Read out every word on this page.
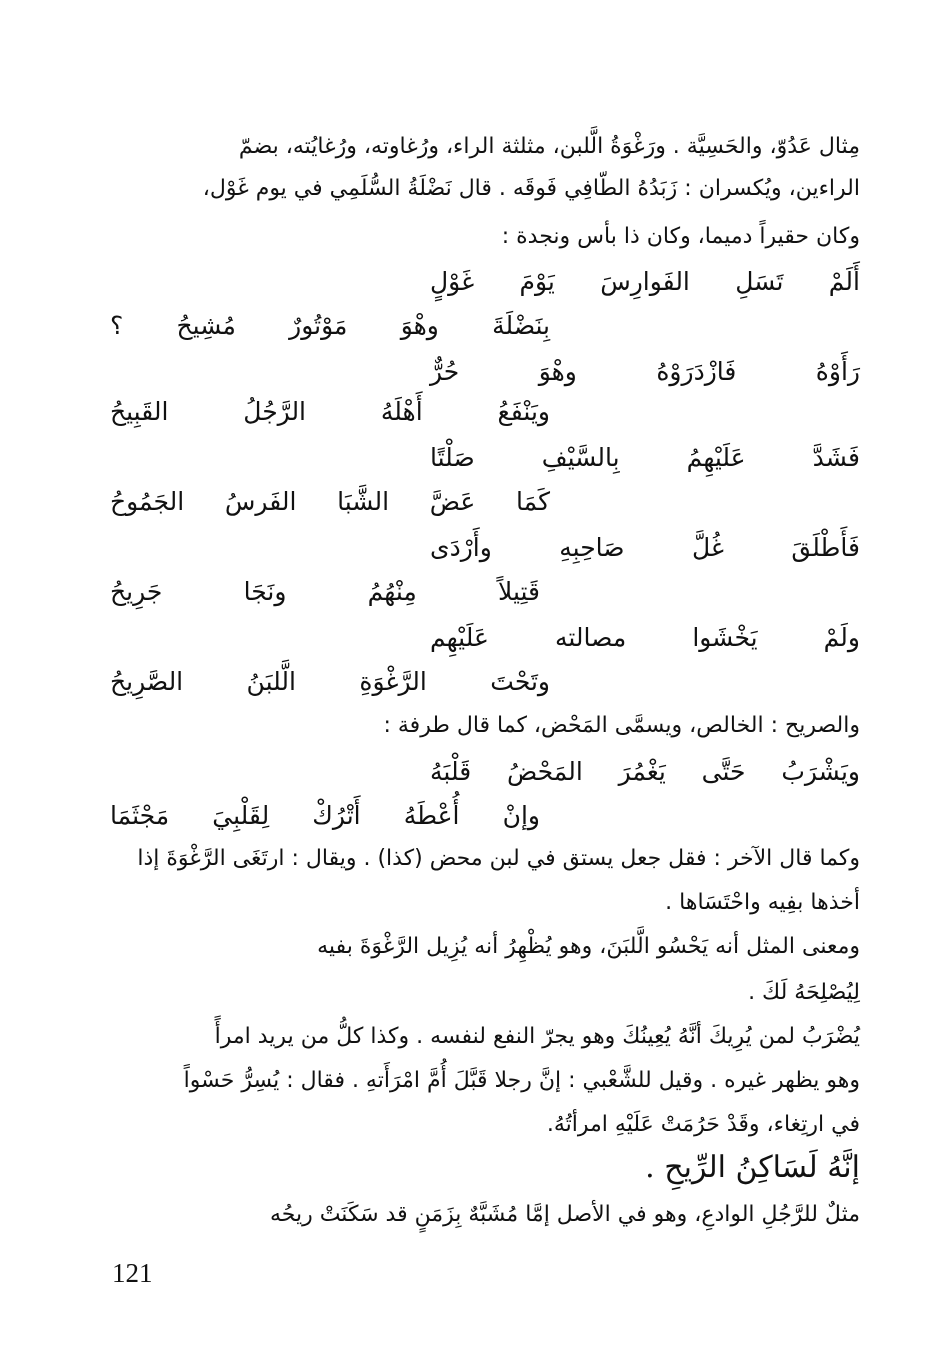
مِثال عَدُوّ، والحَسِيَّة . ورَغْوَةُ الَّلبن، مثلثة الراء، ورُغاوته، ورُغايُته، بضمّ
الراءين، ويُكسران : زَبَدُهُ الطّافِي فَوقَه . قال نَضْلَةُ السُّلَمِي في يوم غَوْل،
وكان حقيراً دميما، وكان ذا بأس ونجدة :
أَلَمْ تَسَلِ الفَوارِسَ يَوْمَ غَوْلٍ
بِنَضْلَةَ وهْوَ مَوْتُورٌ مُشِيحُ ؟
رَأَوْهُ فَازْدَرَوْهُ وهْوَ حُرٌّ
ويَنْفَعُ أَهْلَهُ الرَّجُلُ القَبِيحُ
فَشَدَّ عَلَيْهِمُ بِالسَّيْفِ صَلْتًا
كَمَا عَضَّ الشَّبَا الفَرسُ الجَمُوحُ
فَأَطْلَقَ غُلَّ صَاحِبِهِ وأَرْدَى
قَتِيلاً مِنْهُمُ ونَجَا جَرِيحُ
ولَمْ يَخْشَوا مصالته عَلَيْهِم
وتَحْتَ الرَّغْوَةِ الَّلبَنُ الصَّرِيحُ
والصريح : الخالص، ويسمَّى المَحْض، كما قال طرفة :
ويَشْرَبُ حَتَّى يَغْمُرَ المَحْضُ قَلْبَهُ
وإنْ أُعْطَهُ أَتْرُكْ لِقَلْبِيَ مَجْثَمَا
وكما قال الآخر : فقل جعل يستق في لبن محض (كذا) . ويقال : ارتَغَى الرَّغْوَةَ إذا
أخذها بفِيه واحْتَسَاها .
ومعنى المثل أنه يَحْسُو الَّلبَنَ، وهو يُظْهِرُ أنه يُزِيل الرَّغْوَةَ بفيه
لِيُصْلِحَهُ لَكَ .
يُضْرَبُ لمن يُرِيكَ أنَّهُ يُعِينُكَ وهو يجرّ النفع لنفسه . وكذا كلُّ من يريد امرأً
وهو يظهر غيره . وقيل للشَّعْبي : إنَّ رجلا قَبَّلَ أُمَّ امْرَأَتهِ . فقال : يُسِرُّ حَسْواً
في ارتِغاء، وقَدْ حَرُمَتْ عَلَيْهِ امرأتُهُ.
إنَّهُ لَسَاكِنُ الرِّيحِ .
مثلٌ للرَّجُلِ الوادعِ، وهو في الأصل إمَّا مُشَبَّهٌ بِزَمَنٍ قد سَكَنَتْ ريحُه
121
